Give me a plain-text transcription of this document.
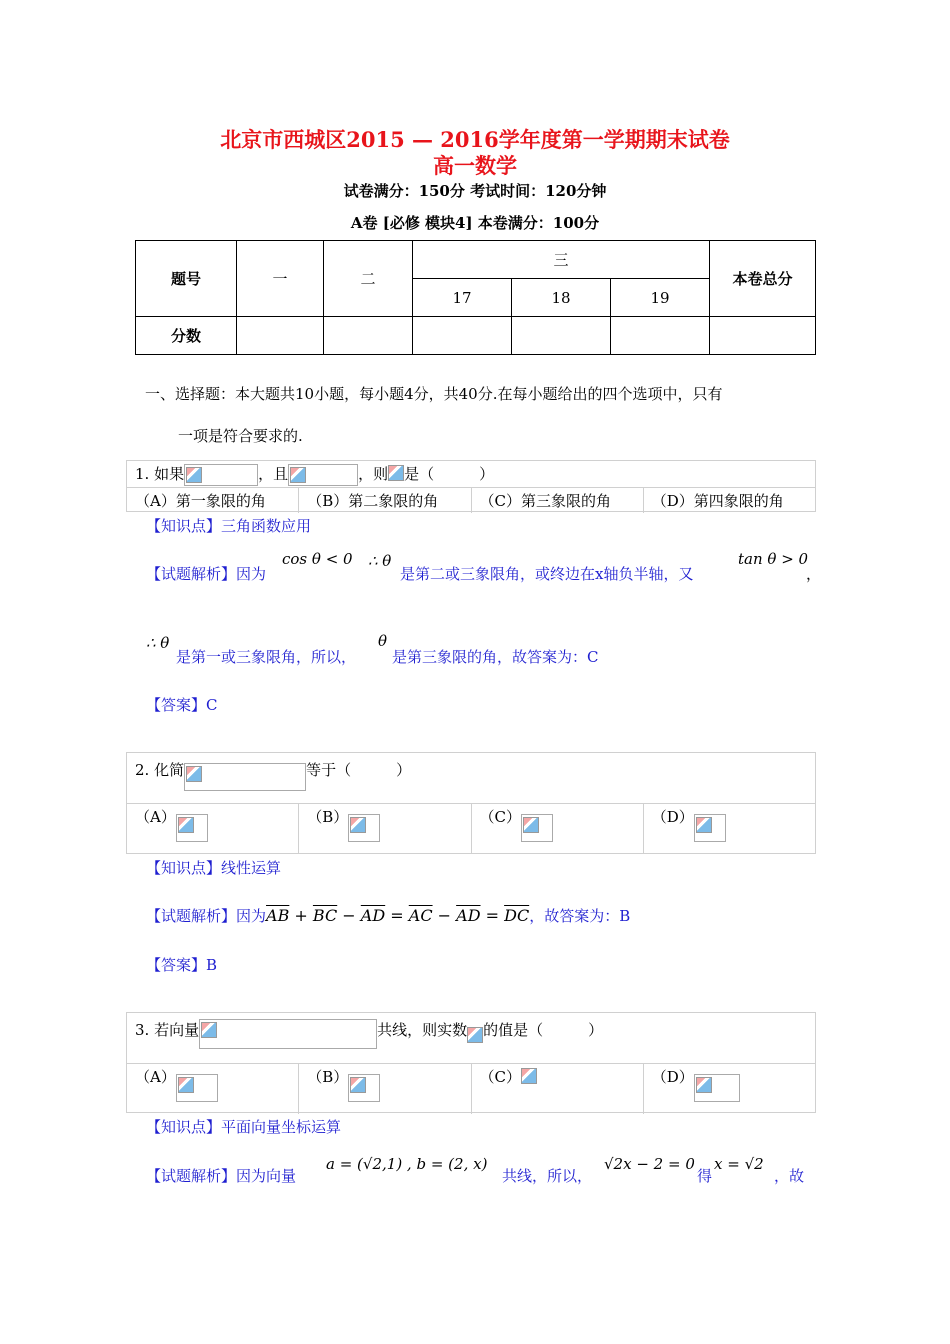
北京市西城区2015 — 2016学年度第一学期期末试卷
高一数学
试卷满分：150分 考试时间：120分钟
A卷 [必修 模块4] 本卷满分：100分
题号	一	二	三			本卷总分
			17	18	19	
分数						
一、选择题：本大题共10小题，每小题4分，共40分.在每小题给出的四个选项中，只有
一项是符合要求的.
1. 如果	，且	，则 是（　　　）
（A）第一象限的角	（B）第二象限的角	（C）第三象限的角	（D）第四象限的角
【知识点】三角函数应用
【试题解析】因为
cos θ < 0 ∴ θ
是第二或三象限角，或终边在x轴负半轴，又
tan θ > 0
，
∴ θ
是第一或三象限角，所以，
θ
是第三象限的角，故答案为：C
【答案】C
2. 化简	等于（　　　）
（A）	（B）	（C）	（D）
【知识点】线性运算
【试题解析】因为$\overline{AB} + \overline{BC} - \overline{AD} = \overline{AC} - \overline{AD} = \overline{DC}$，故答案为：B
【答案】B
3. 若向量	共线，则实数 的值是（　　　）
（A）	（B）	（C）	（D）
【知识点】平面向量坐标运算
【试题解析】因为向量
a = (√2,1) , b = (2, x)
共线，所以，
√2x − 2 = 0
得
x = √2
，故
